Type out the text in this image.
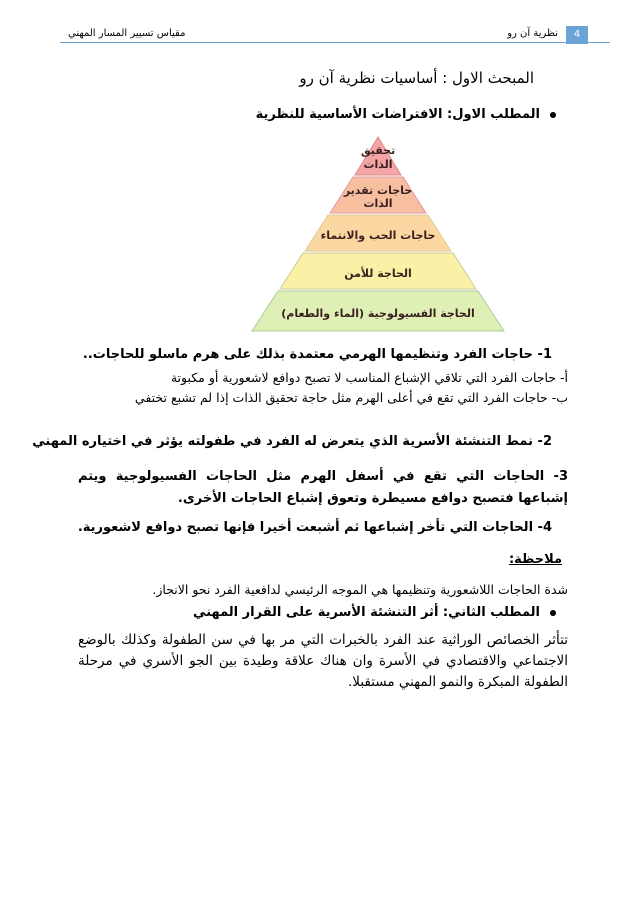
4
نظرية آن رو
مقياس تسيير المسار المهني
المبحث الاول : أساسيات نظرية آن رو
المطلب الاول: الافتراضات الأساسية للنظرية
تحقيق
الذات
حاجات تقدير الذات
حاجات الحب والانتماء
الحاجة للأمن
الحاجة الفسيولوجية (الماء والطعام)
1- حاجات الفرد وتنظيمها الهرمي معتمدة بذلك على هرم ماسلو للحاجات..
أ- حاجات الفرد التي تلاقي الإشباع المناسب لا تصبح دوافع لاشعورية أو مكبوتة
ب- حاجات الفرد التي تقع في أعلى الهرم مثل حاجة تحقيق الذات إذا لم تشبع تختفي
2- نمط التنشئة الأسرية الذي يتعرض له الفرد في طفولته يؤثر في اختياره المهني
3- الحاجات التي تقع في أسفل الهرم مثل الحاجات الفسيولوجية ويتم إشباعها فتصبح دوافع مسيطرة وتعوق إشباع الحاجات الأخرى.
4- الحاجات التي تأخر إشباعها ثم أشبعت أخيرا فإنها تصبح دوافع لاشعورية.
ملاحظة:
شدة الحاجات اللاشعورية وتنظيمها هي الموجه الرئيسي لدافعية الفرد نحو الانجاز.
المطلب الثاني: أثر التنشئة الأسرية على القرار المهني
تتأثر الخصائص الوراثية عند الفرد بالخبرات التي مر بها في سن الطفولة وكذلك بالوضع الاجتماعي والاقتصادي في الأسرة وان هناك علاقة وطيدة بين الجو الأسري في مرحلة الطفولة المبكرة والنمو المهني مستقبلا.
